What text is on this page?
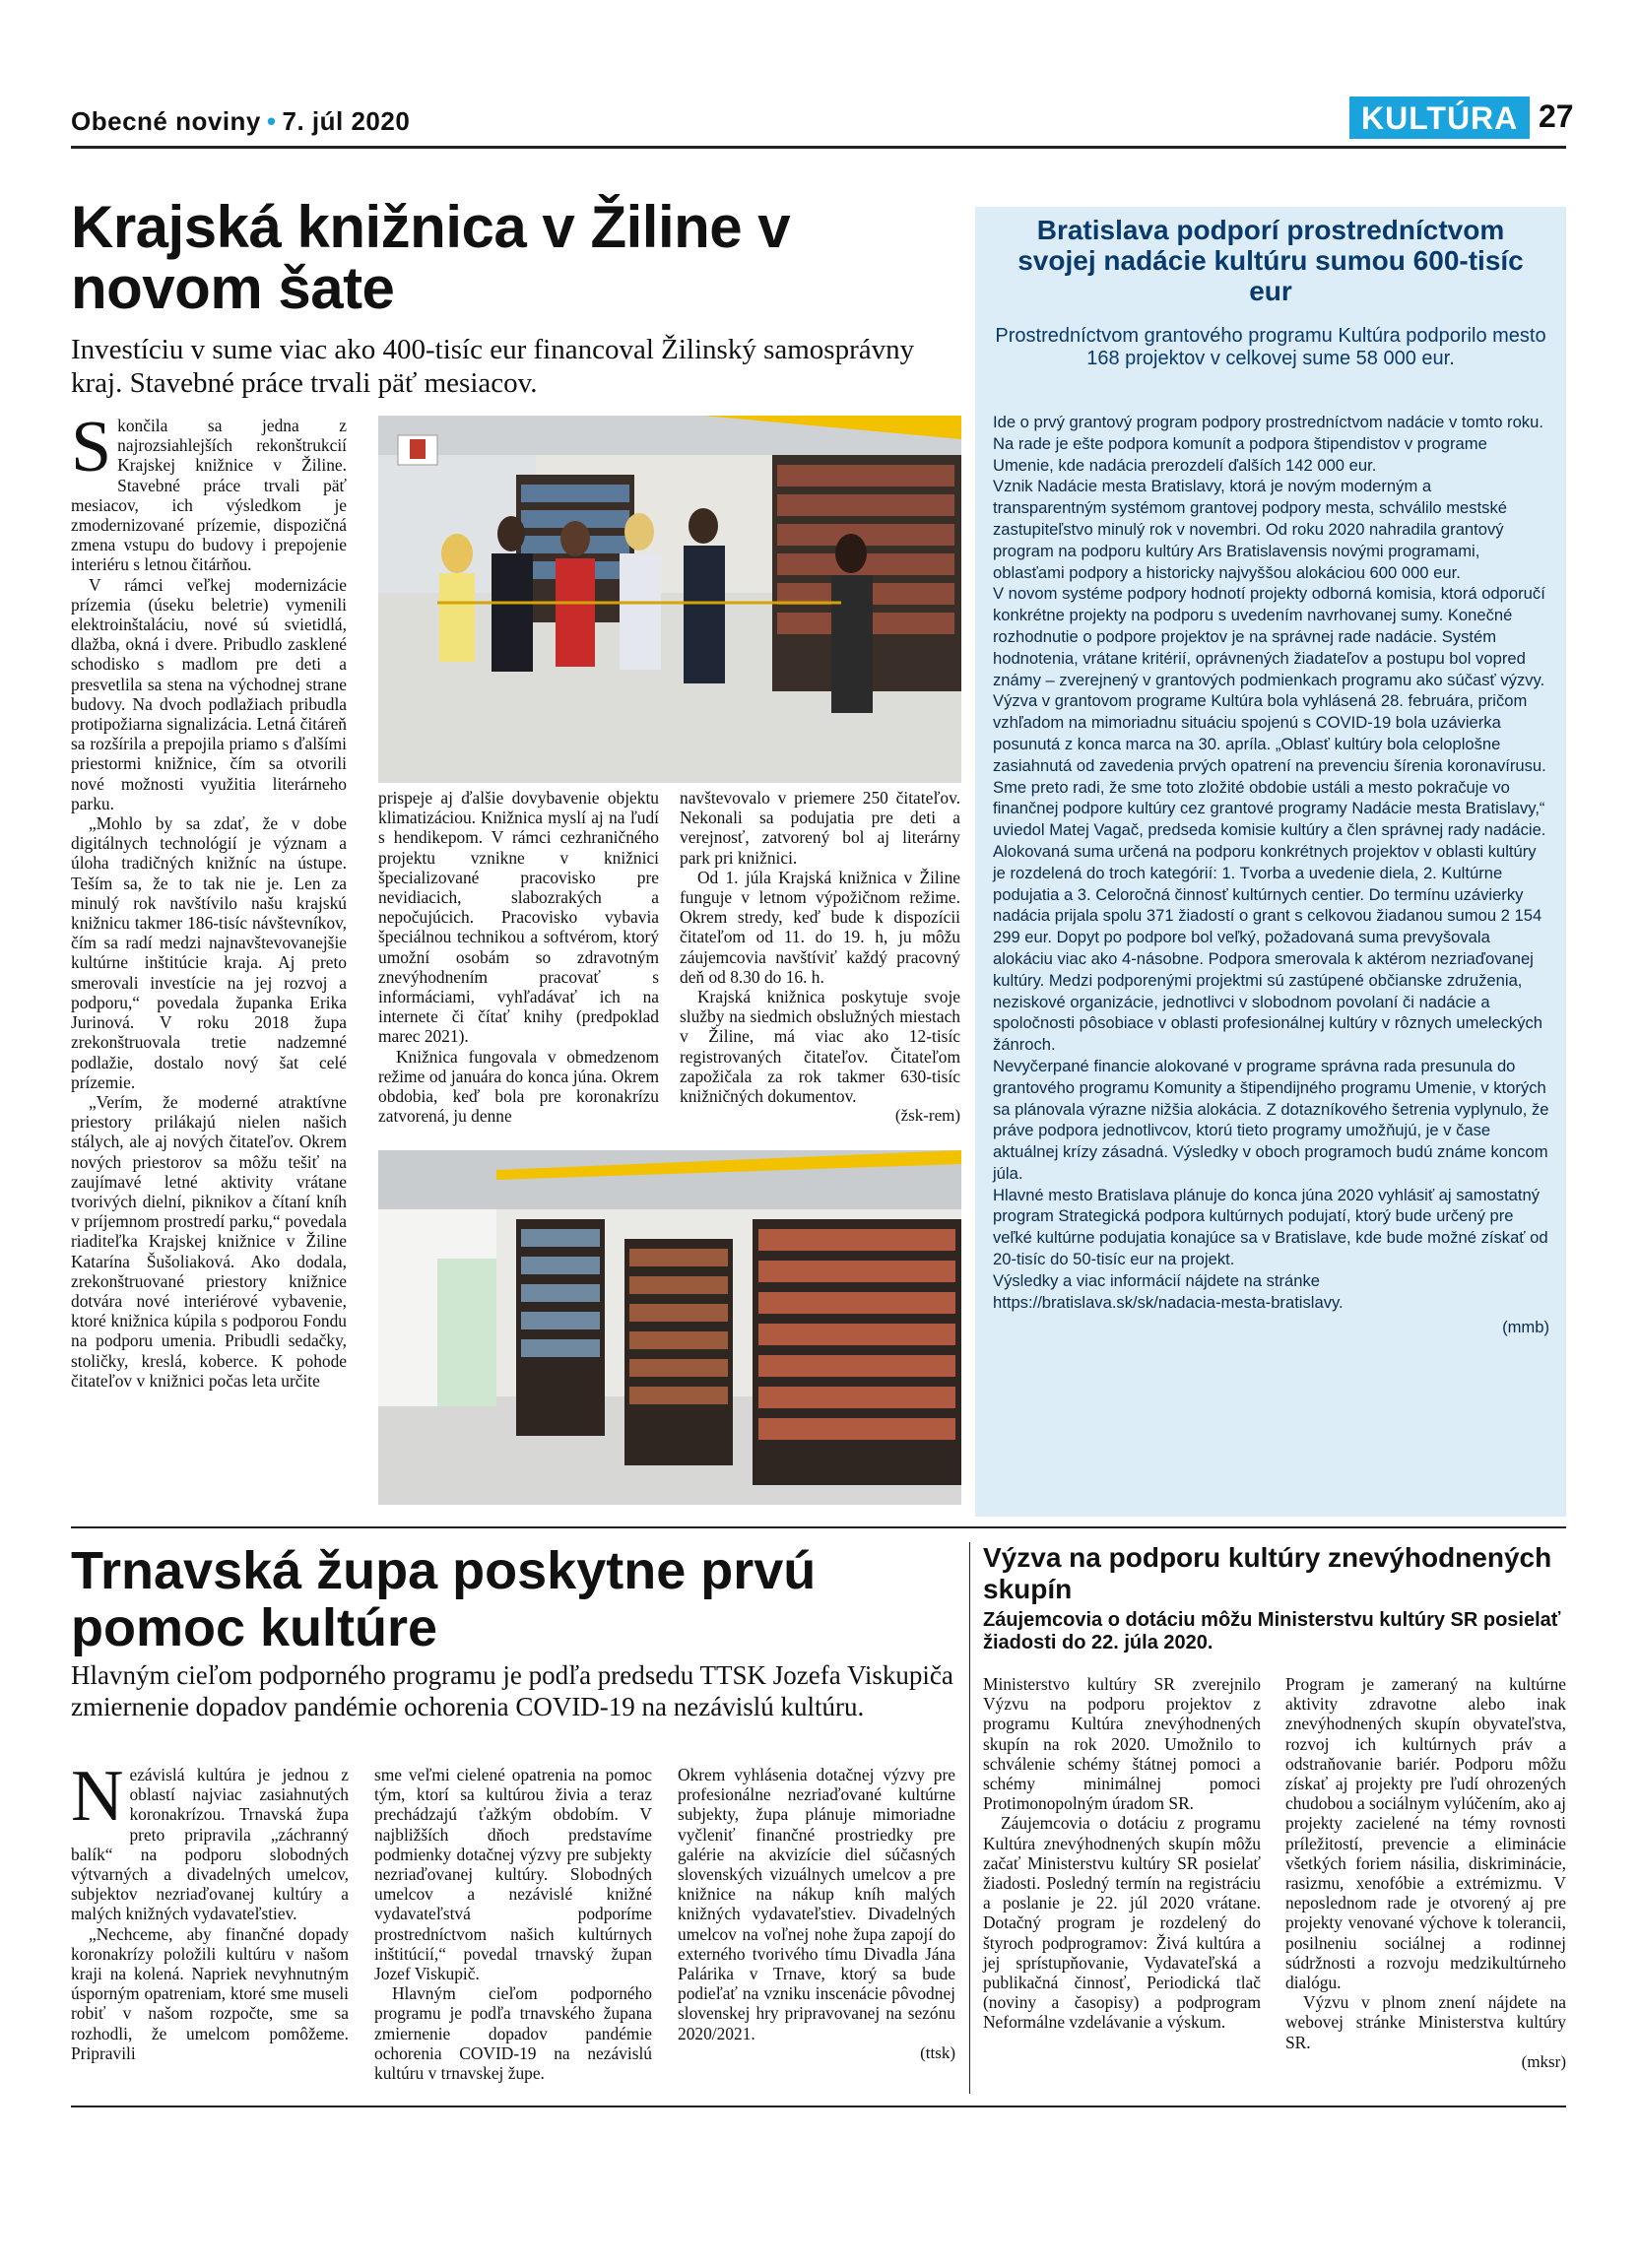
Obecné noviny • 7. júl 2020	KULTÚRA 27
Krajská knižnica v Žiline v novom šate
Investíciu v sume viac ako 400-tisíc eur financoval Žilinský samosprávny kraj. Stavebné práce trvali päť mesiacov.

Skončila sa jedna z najrozsiahlejších rekonštrukcií Krajskej knižnice v Žiline. Stavebné práce trvali päť mesiacov, ich výsledkom je zmodernizované prízemie, dispozičná zmena vstupu do budovy i prepojenie interiéru s letnou čitárňou.

V rámci veľkej modernizácie prízemia (úseku beletrie) vymenili elektroinštaláciu, nové sú svietidlá, dlažba, okná i dvere. Pribudlo zasklené schodisko s madlom pre deti a presvetlila sa stena na východnej strane budovy. Na dvoch podlažiach pribudla protipožiarna signalizácia. Letná čitáreň sa rozšírila a prepojila priamo s ďalšími priestormi knižnice, čím sa otvorili nové možnosti využitia literárneho parku.

„Mohlo by sa zdať, že v dobe digitálnych technológií je význam a úloha tradičných knižníc na ústupe. Teším sa, že to tak nie je. Len za minulý rok navštívilo našu krajskú knižnicu takmer 186-tisíc návštevníkov, čím sa radí medzi najnavštevovanejšie kultúrne inštitúcie kraja. Aj preto smerovali investície na jej rozvoj a podporu,“ povedala županka Erika Jurinová. V roku 2018 župa zrekonštruovala tretie nadzemné podlažie, dostalo nový šat celé prízemie.

„Verím, že moderné atraktívne priestory prilákajú nielen našich stálych, ale aj nových čitateľov. Okrem nových priestorov sa môžu tešiť na zaujímavé letné aktivity vrátane tvorivých dielní, piknikov a čítaní kníh v príjemnom prostredí parku,“ povedala riaditeľka Krajskej knižnice v Žiline Katarína Šušoliaková. Ako dodala, zrekonštruované priestory knižnice dotvára nové interiérové vybavenie, ktoré knižnica kúpila s podporou Fondu na podporu umenia. Pribudli sedačky, stoličky, kreslá, koberce. K pohode čitateľov v knižnici počas leta určite

prispeje aj ďalšie dovybavenie objektu klimatizáciou. Knižnica myslí aj na ľudí s hendikepom. V rámci cezhraničného projektu vznikne v knižnici špecializované pracovisko pre nevidiacich, slabozrakých a nepočujúcich. Pracovisko vybavia špeciálnou technikou a softvérom, ktorý umožní osobám so zdravotným znevýhodnením pracovať s informáciami, vyhľadávať ich na internete či čítať knihy (predpoklad marec 2021).

Knižnica fungovala v obmedzenom režime od januára do konca júna. Okrem obdobia, keď bola pre koronakrízu zatvorená, ju denne

navštevovalo v priemere 250 čitateľov. Nekonali sa podujatia pre deti a verejnosť, zatvorený bol aj literárny park pri knižnici.

Od 1. júla Krajská knižnica v Žiline funguje v letnom výpožičnom režime. Okrem stredy, keď bude k dispozícii čitateľom od 11. do 19. h, ju môžu záujemcovia navštíviť každý pracovný deň od 8.30 do 16. h.

Krajská knižnica poskytuje svoje služby na siedmich obslužných miestach v Žiline, má viac ako 12-tisíc registrovaných čitateľov. Čitateľom zapožičala za rok takmer 630-tisíc knižničných dokumentov.

(žsk-rem)
Bratislava podporí prostredníctvom svojej nadácie kultúru sumou 600-tisíc eur
Prostredníctvom grantového programu Kultúra podporilo mesto 168 projektov v celkovej sume 58 000 eur.

Ide o prvý grantový program podpory prostredníctvom nadácie v tomto roku. Na rade je ešte podpora komunít a podpora štipendistov v programe Umenie, kde nadácia prerozdelí ďalších 142 000 eur.

Vznik Nadácie mesta Bratislavy, ktorá je novým moderným a transparentným systémom grantovej podpory mesta, schválilo mestské zastupiteľstvo minulý rok v novembri. Od roku 2020 nahradila grantový program na podporu kultúry Ars Bratislavensis novými programami, oblasťami podpory a historicky najvyššou alokáciou 600 000 eur.

V novom systéme podpory hodnotí projekty odborná komisia, ktorá odporučí konkrétne projekty na podporu s uvedením navrhovanej sumy. Konečné rozhodnutie o podpore projektov je na správnej rade nadácie. Systém hodnotenia, vrátane kritérií, oprávnených žiadateľov a postupu bol vopred známy – zverejnený v grantových podmienkach programu ako súčasť výzvy.

Výzva v grantovom programe Kultúra bola vyhlásená 28. februára, pričom vzhľadom na mimoriadnu situáciu spojenú s COVID-19 bola uzávierka posunutá z konca marca na 30. apríla. „Oblasť kultúry bola celoplošne zasiahnutá od zavedenia prvých opatrení na prevenciu šírenia koronavírusu. Sme preto radi, že sme toto zložité obdobie ustáli a mesto pokračuje vo finančnej podpore kultúry cez grantové programy Nadácie mesta Bratislavy,“ uviedol Matej Vagač, predseda komisie kultúry a člen správnej rady nadácie.

Alokovaná suma určená na podporu konkrétnych projektov v oblasti kultúry je rozdelená do troch kategórií: 1. Tvorba a uvedenie diela, 2. Kultúrne podujatia a 3. Celoročná činnosť kultúrnych centier. Do termínu uzávierky nadácia prijala spolu 371 žiadostí o grant s celkovou žiadanou sumou 2 154 299 eur. Dopyt po podpore bol veľký, požadovaná suma prevyšovala alokáciu viac ako 4-násobne. Podpora smerovala k aktérom nezriaďovanej kultúry. Medzi podporenými projektmi sú zastúpené občianske združenia, neziskové organizácie, jednotlivci v slobodnom povolaní či nadácie a spoločnosti pôsobiace v oblasti profesionálnej kultúry v rôznych umeleckých žánroch.

Nevyčerpané financie alokované v programe správna rada presunula do grantového programu Komunity a štipendijného programu Umenie, v ktorých sa plánovala výrazne nižšia alokácia. Z dotazníkového šetrenia vyplynulo, že práve podpora jednotlivcov, ktorú tieto programy umožňujú, je v čase aktuálnej krízy zásadná. Výsledky v oboch programoch budú známe koncom júla.

Hlavné mesto Bratislava plánuje do konca júna 2020 vyhlásiť aj samostatný program Strategická podpora kultúrnych podujatí, ktorý bude určený pre veľké kultúrne podujatia konajúce sa v Bratislave, kde bude možné získať od 20-tisíc do 50-tisíc eur na projekt.

Výsledky a viac informácií nájdete na stránke https://bratislava.sk/sk/nadacia-mesta-bratislavy.

(mmb)
Trnavská župa poskytne prvú pomoc kultúre
Hlavným cieľom podporného programu je podľa predsedu TTSK Jozefa Viskupiča zmiernenie dopadov pandémie ochorenia COVID-19 na nezávislú kultúru.

Nezávislá kultúra je jednou z oblastí najviac zasiahnutých koronakrízou. Trnavská župa preto pripravila „záchranný balík“ na podporu slobodných výtvarných a divadelných umelcov, subjektov nezriaďovanej kultúry a malých knižných vydavateľstiev.

„Nechceme, aby finančné dopady koronakrízy položili kultúru v našom kraji na kolená. Napriek nevyhnutným úsporným opatreniam, ktoré sme museli robiť v našom rozpočte, sme sa rozhodli, že umelcom pomôžeme. Pripravili

sme veľmi cielené opatrenia na pomoc tým, ktorí sa kultúrou živia a teraz prechádzajú ťažkým obdobím. V najbližších dňoch predstavíme podmienky dotačnej výzvy pre subjekty nezriaďovanej kultúry. Slobodných umelcov a nezávislé knižné vydavateľstvá podporíme prostredníctvom našich kultúrnych inštitúcií,“ povedal trnavský župan Jozef Viskupič.

Hlavným cieľom podporného programu je podľa trnavského župana zmiernenie dopadov pandémie ochorenia COVID-19 na nezávislú kultúru v trnavskej župe.

Okrem vyhlásenia dotačnej výzvy pre profesionálne nezriaďované kultúrne subjekty, župa plánuje mimoriadne vyčleniť finančné prostriedky pre galérie na akvizície diel súčasných slovenských vizuálnych umelcov a pre knižnice na nákup kníh malých knižných vydavateľstiev. Divadelných umelcov na voľnej nohe župa zapojí do externého tvorivého tímu Divadla Jána Palárika v Trnave, ktorý sa bude podieľať na vzniku inscenácie pôvodnej slovenskej hry pripravovanej na sezónu 2020/2021.

(ttsk)
Výzva na podporu kultúry znevýhodnených skupín
Záujemcovia o dotáciu môžu Ministerstvu kultúry SR posielať žiadosti do 22. júla 2020.

Ministerstvo kultúry SR zverejnilo Výzvu na podporu projektov z programu Kultúra znevýhodnených skupín na rok 2020. Umožnilo to schválenie schémy štátnej pomoci a schémy minimálnej pomoci Protimonopolným úradom SR.

Záujemcovia o dotáciu z programu Kultúra znevýhodnených skupín môžu začať Ministerstvu kultúry SR posielať žiadosti. Posledný termín na registráciu a poslanie je 22. júl 2020 vrátane. Dotačný program je rozdelený do štyroch podprogramov: Živá kultúra a jej sprístupňovanie, Vydavateľská a publikačná činnosť, Periodická tlač (noviny a časopisy) a podprogram Neformálne vzdelávanie a výskum.

Program je zameraný na kultúrne aktivity zdravotne alebo inak znevýhodnených skupín obyvateľstva, rozvoj ich kultúrnych práv a odstraňovanie bariér. Podporu môžu získať aj projekty pre ľudí ohrozených chudobou a sociálnym vylúčením, ako aj projekty zacielené na témy rovnosti príležitostí, prevencie a eliminácie všetkých foriem násilia, diskriminácie, rasizmu, xenofóbie a extrémizmu. V neposlednom rade je otvorený aj pre projekty venované výchove k tolerancii, posilneniu sociálnej a rodinnej súdržnosti a rozvoju medzikultúrneho dialógu.

Výzvu v plnom znení nájdete na webovej stránke Ministerstva kultúry SR.

(mksr)
